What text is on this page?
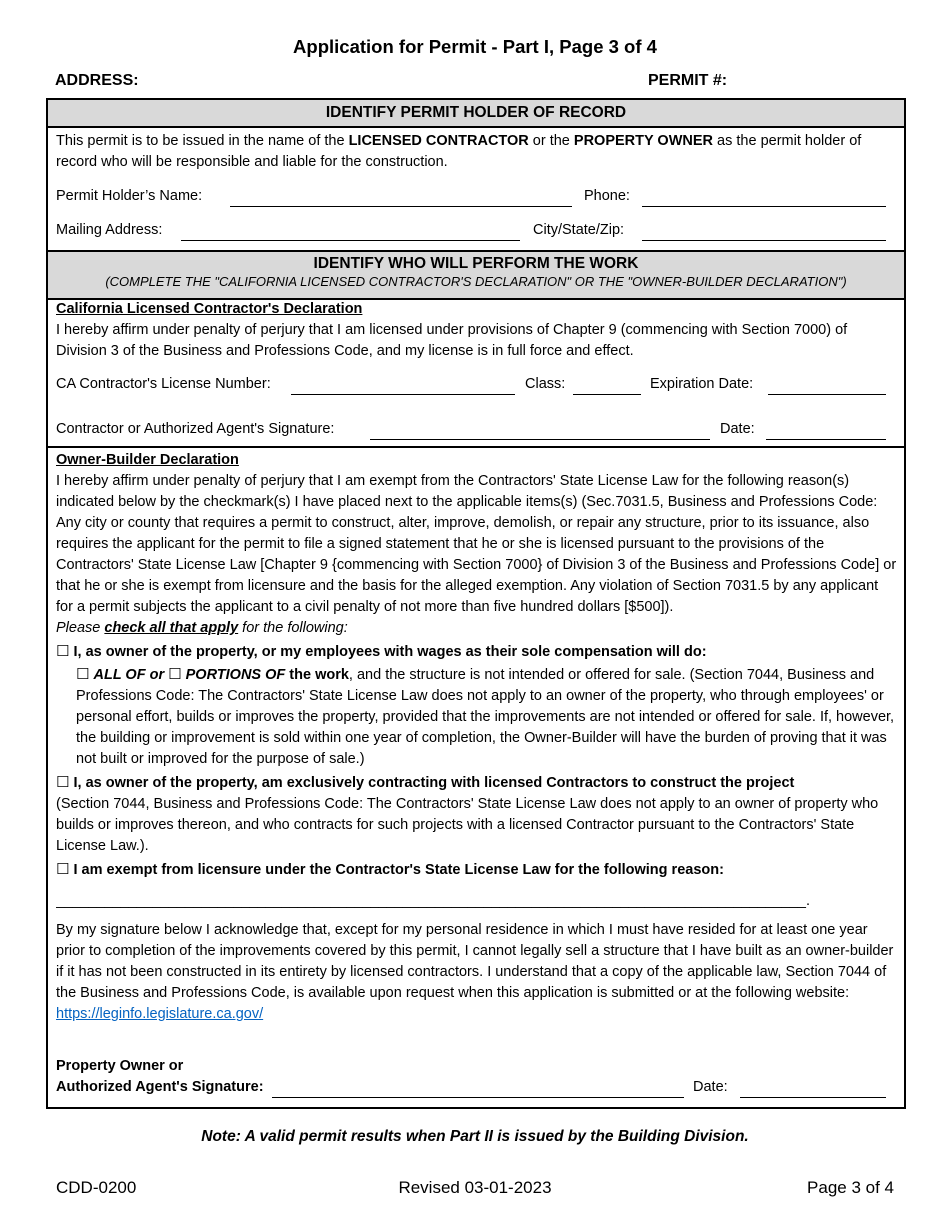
Application for Permit - Part I, Page 3 of 4
ADDRESS:	PERMIT #:
IDENTIFY PERMIT HOLDER OF RECORD
This permit is to be issued in the name of the LICENSED CONTRACTOR or the PROPERTY OWNER as the permit holder of record who will be responsible and liable for the construction.
Permit Holder’s Name:	Phone:
Mailing Address:	City/State/Zip:
IDENTIFY WHO WILL PERFORM THE WORK
(COMPLETE THE "CALIFORNIA LICENSED CONTRACTOR'S DECLARATION" OR THE "OWNER-BUILDER DECLARATION")
California Licensed Contractor's Declaration
I hereby affirm under penalty of perjury that I am licensed under provisions of Chapter 9 (commencing with Section 7000) of Division 3 of the Business and Professions Code, and my license is in full force and effect.
CA Contractor's License Number:	Class:	Expiration Date:
Contractor or Authorized Agent's Signature:	Date:
Owner-Builder Declaration
I hereby affirm under penalty of perjury that I am exempt from the Contractors' State License Law for the following reason(s) indicated below by the checkmark(s) I have placed next to the applicable items(s) (Sec.7031.5, Business and Professions Code: Any city or county that requires a permit to construct, alter, improve, demolish, or repair any structure, prior to its issuance, also requires the applicant for the permit to file a signed statement that he or she is licensed pursuant to the provisions of the Contractors' State License Law [Chapter 9 {commencing with Section 7000} of Division 3 of the Business and Professions Code] or that he or she is exempt from licensure and the basis for the alleged exemption. Any violation of Section 7031.5 by any applicant for a permit subjects the applicant to a civil penalty of not more than five hundred dollars [$500]).
Please check all that apply for the following:
☐ I, as owner of the property, or my employees with wages as their sole compensation will do:
☐ ALL OF or ☐ PORTIONS OF the work, and the structure is not intended or offered for sale. (Section 7044, Business and Professions Code: The Contractors' State License Law does not apply to an owner of the property, who through employees' or personal effort, builds or improves the property, provided that the improvements are not intended or offered for sale. If, however, the building or improvement is sold within one year of completion, the Owner-Builder will have the burden of proving that it was not built or improved for the purpose of sale.)
☐ I, as owner of the property, am exclusively contracting with licensed Contractors to construct the project
(Section 7044, Business and Professions Code: The Contractors' State License Law does not apply to an owner of property who builds or improves thereon, and who contracts for such projects with a licensed Contractor pursuant to the Contractors' State License Law.).
☐ I am exempt from licensure under the Contractor's State License Law for the following reason:
_____________________________________________________________________________________________.
By my signature below I acknowledge that, except for my personal residence in which I must have resided for at least one year prior to completion of the improvements covered by this permit, I cannot legally sell a structure that I have built as an owner-builder if it has not been constructed in its entirety by licensed contractors. I understand that a copy of the applicable law, Section 7044 of the Business and Professions Code, is available upon request when this application is submitted or at the following website: https://leginfo.legislature.ca.gov/
Property Owner or
Authorized Agent's Signature:	Date:
Note: A valid permit results when Part II is issued by the Building Division.
CDD-0200	Revised 03-01-2023	Page 3 of 4
